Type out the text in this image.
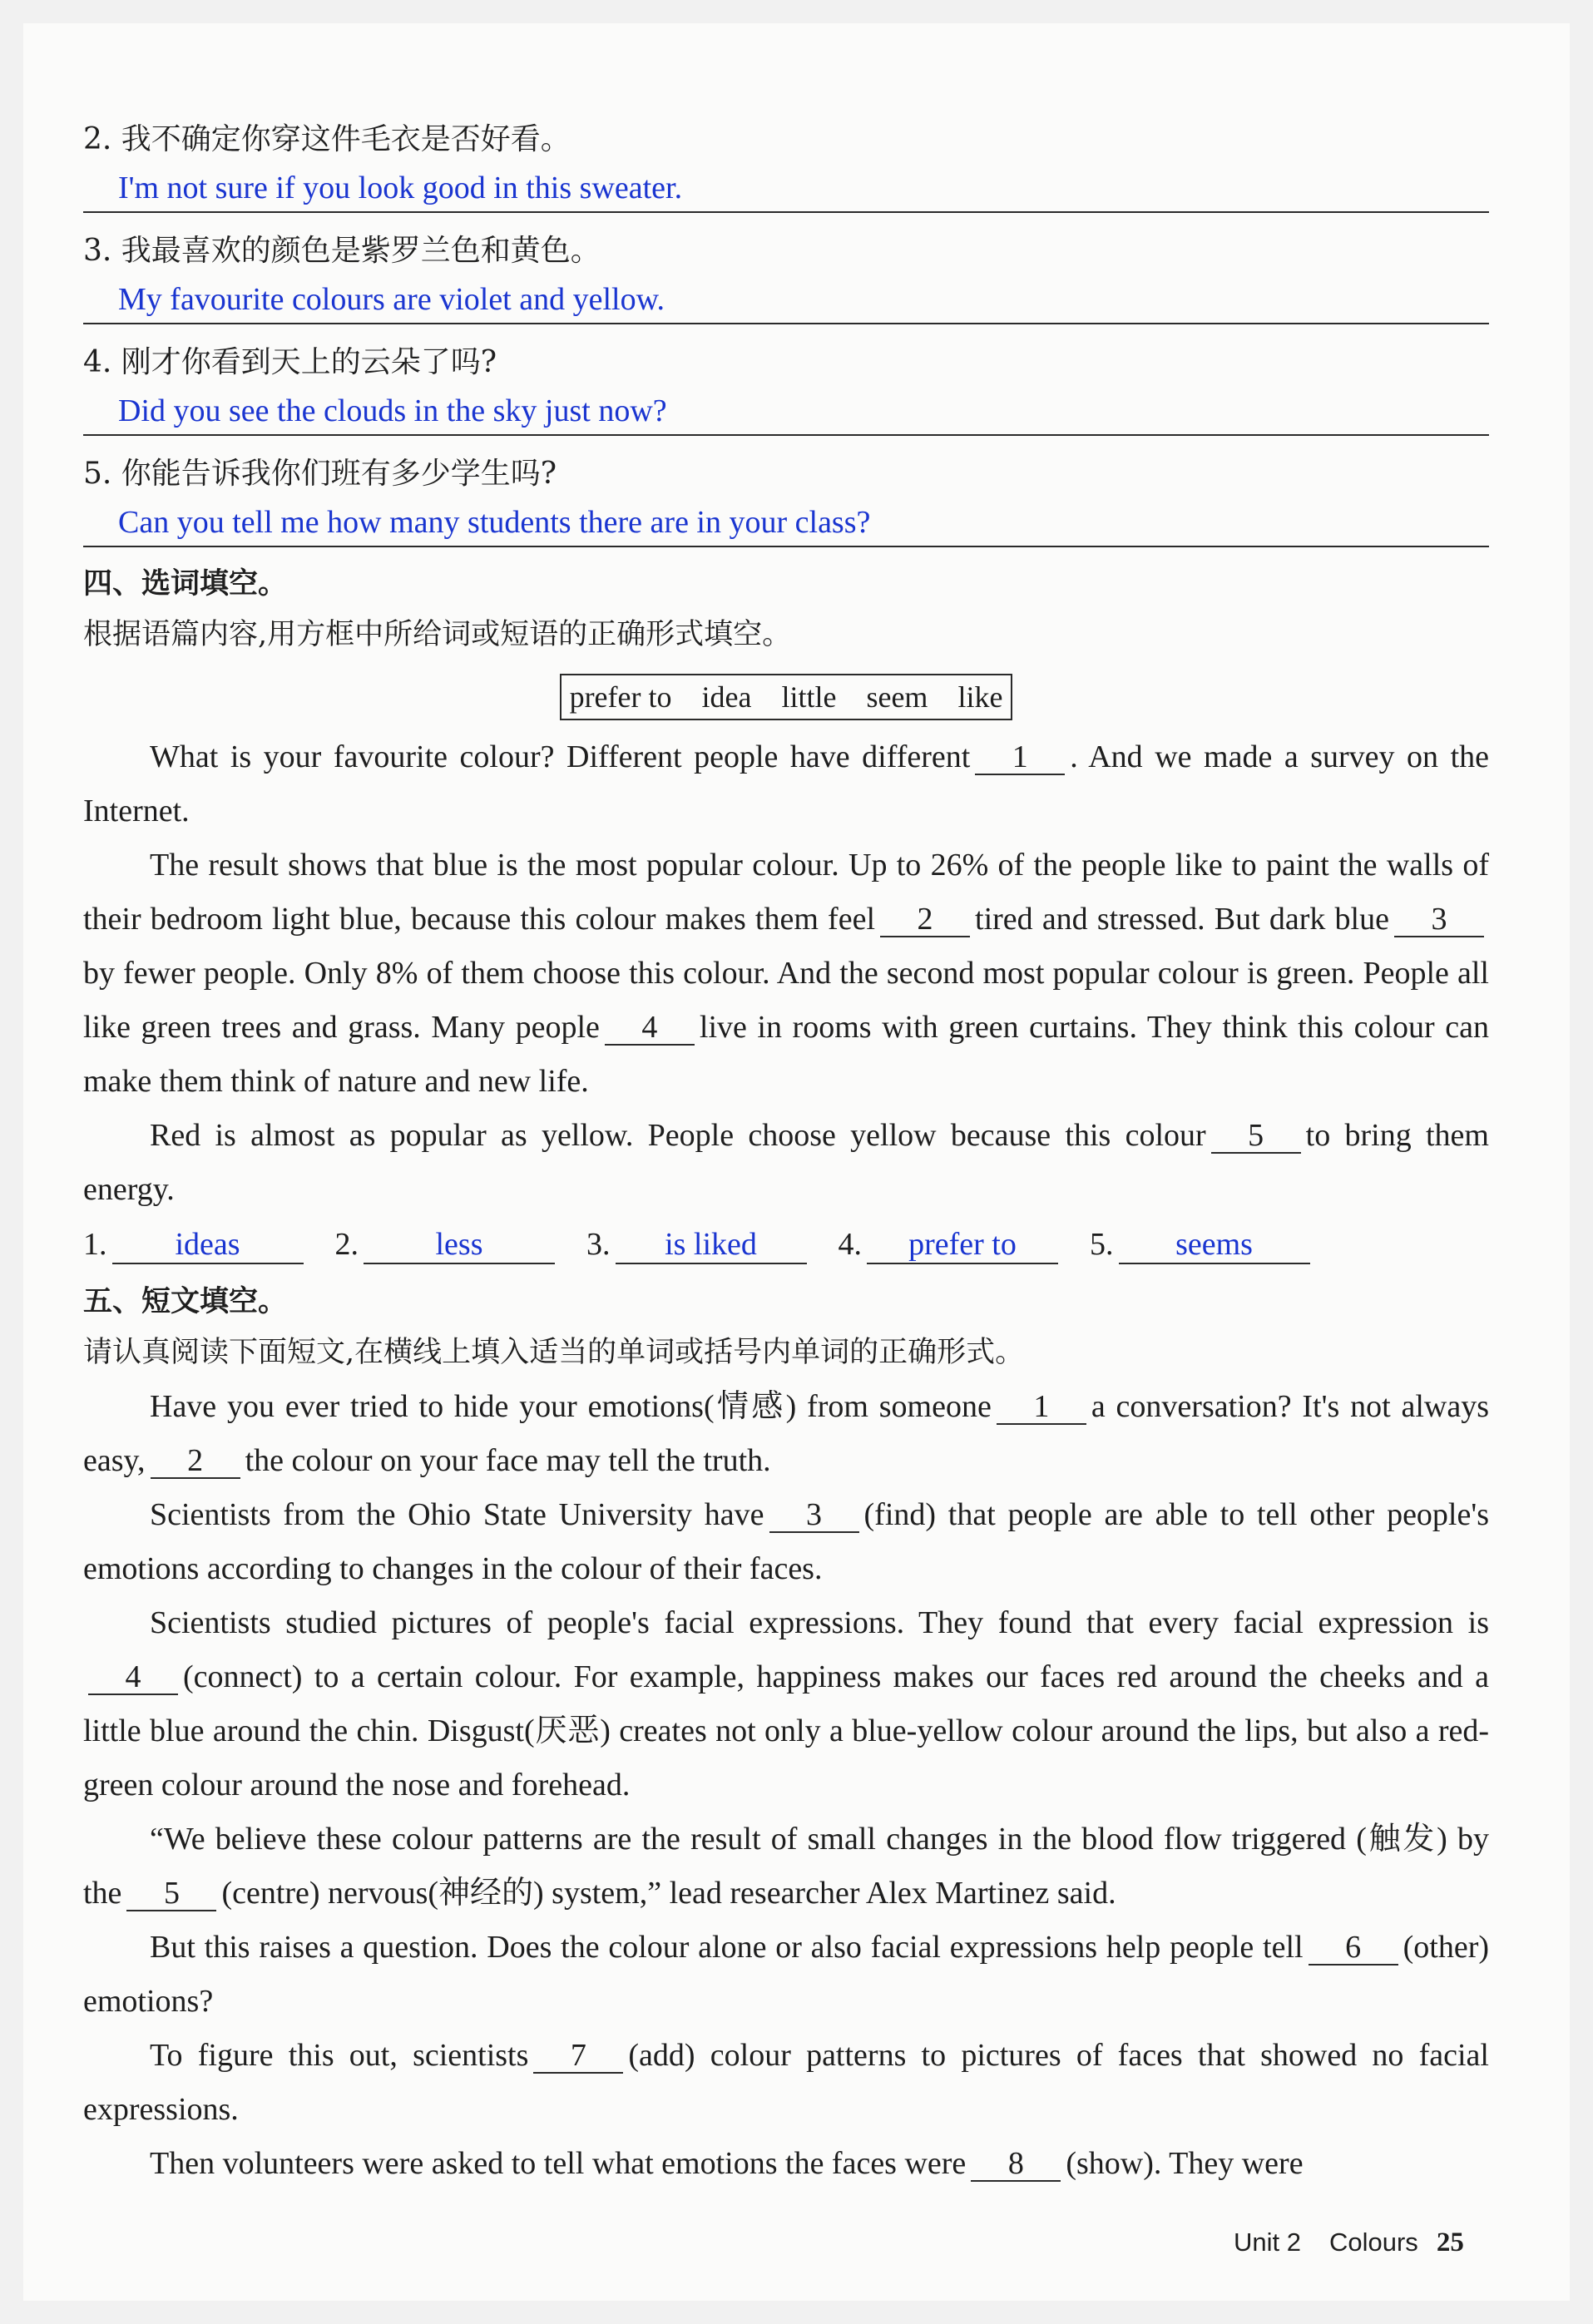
2. 我不确定你穿这件毛衣是否好看。
I'm not sure if you look good in this sweater.
3. 我最喜欢的颜色是紫罗兰色和黄色。
My favourite colours are violet and yellow.
4. 刚才你看到天上的云朵了吗?
Did you see the clouds in the sky just now?
5. 你能告诉我你们班有多少学生吗?
Can you tell me how many students there are in your class?
四、选词填空。
根据语篇内容,用方框中所给词或短语的正确形式填空。
prefer to idea little seem like

What is your favourite colour? Different people have different 1 . And we made a survey on the Internet.

The result shows that blue is the most popular colour. Up to 26% of the people like to paint the walls of their bedroom light blue, because this colour makes them feel 2 tired and stressed. But dark blue 3by fewer people. Only 8% of them choose this colour. And the second most popular colour is green. People all like green trees and grass. Many people 4 live in rooms with green curtains. They think this colour can make them think of nature and new life.

Red is almost as popular as yellow. People choose yellow because this colour 5 to bring them energy.

1.	ideas	2.	less	3.	is liked	4.	prefer to	5.	seems
五、短文填空。
请认真阅读下面短文,在横线上填入适当的单词或括号内单词的正确形式。

Have you ever tried to hide your emotions(情感) from someone 1 a conversation? It's not always easy, 2 the colour on your face may tell the truth.

Scientists from the Ohio State University have 3 (find) that people are able to tell other people's emotions according to changes in the colour of their faces.

Scientists studied pictures of people's facial expressions. They found that every facial expression is4 (connect) to a certain colour. For example, happiness makes our faces red around the cheeks and a little blue around the chin. Disgust(厌恶) creates not only a blue-yellow colour around the lips, but also a red-green colour around the nose and forehead.

“We believe these colour patterns are the result of small changes in the blood flow triggered (触发) by the 5 (centre) nervous(神经的) system,” lead researcher Alex Martinez said.

But this raises a question. Does the colour alone or also facial expressions help people tell 6 (other) emotions?

To figure this out, scientists 7 (add) colour patterns to pictures of faces that showed no facial expressions.

Then volunteers were asked to tell what emotions the faces were 8 (show). They were

Unit 2 Colours 25
